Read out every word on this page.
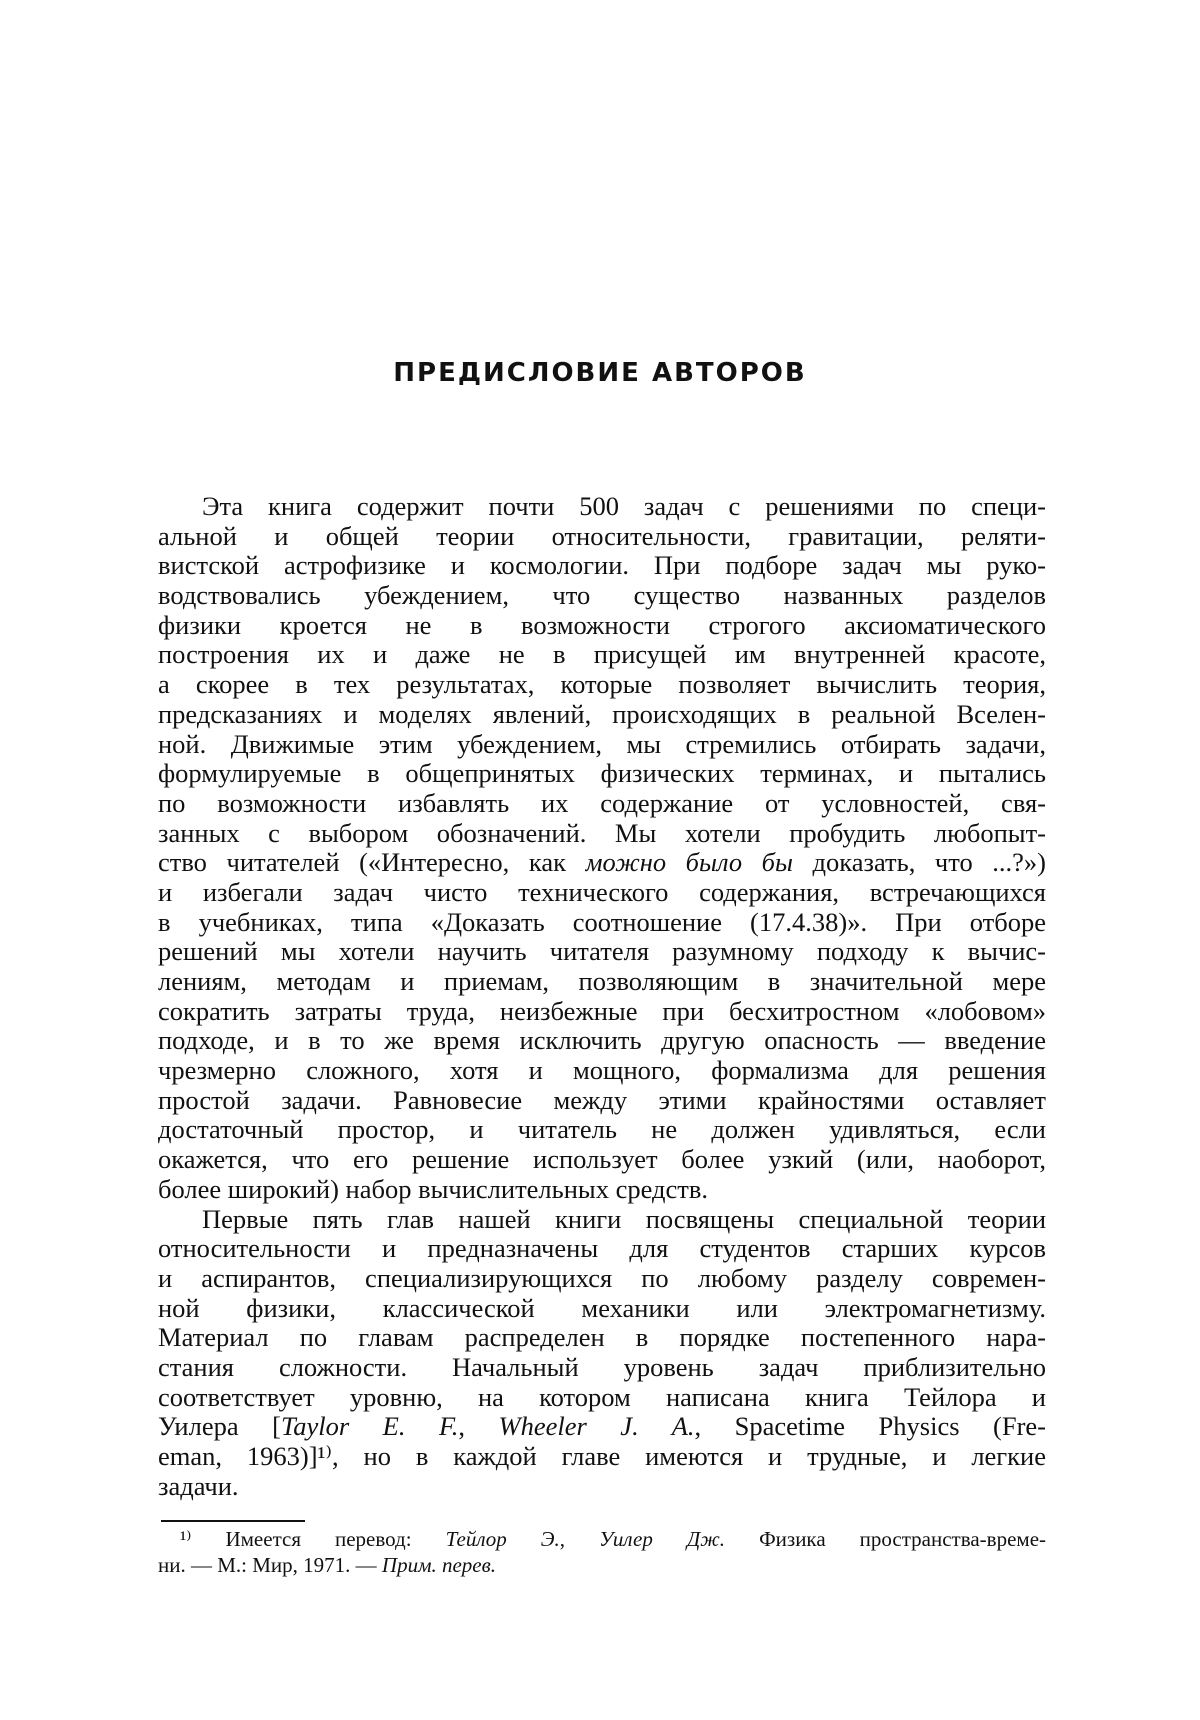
ПРЕДИСЛОВИЕ АВТОРОВ
Эта книга содержит почти 500 задач с решениями по специ-
альной и общей теории относительности, гравитации, реляти-
вистской астрофизике и космологии. При подборе задач мы руко-
водствовались убеждением, что существо названных разделов
физики кроется не в возможности строгого аксиоматического
построения их и даже не в присущей им внутренней красоте,
а скорее в тех результатах, которые позволяет вычислить теория,
предсказаниях и моделях явлений, происходящих в реальной Вселен-
ной. Движимые этим убеждением, мы стремились отбирать задачи,
формулируемые в общепринятых физических терминах, и пытались
по возможности избавлять их содержание от условностей, свя-
занных с выбором обозначений. Мы хотели пробудить любопыт-
ство читателей («Интересно, как можно было бы доказать, что ...?»)
и избегали задач чисто технического содержания, встречающихся
в учебниках, типа «Доказать соотношение (17.4.38)». При отборе
решений мы хотели научить читателя разумному подходу к вычис-
лениям, методам и приемам, позволяющим в значительной мере
сократить затраты труда, неизбежные при бесхитростном «лобовом»
подходе, и в то же время исключить другую опасность — введение
чрезмерно сложного, хотя и мощного, формализма для решения
простой задачи. Равновесие между этими крайностями оставляет
достаточный простор, и читатель не должен удивляться, если
окажется, что его решение использует более узкий (или, наоборот,
более широкий) набор вычислительных средств.
Первые пять глав нашей книги посвящены специальной теории
относительности и предназначены для студентов старших курсов
и аспирантов, специализирующихся по любому разделу современ-
ной физики, классической механики или электромагнетизму.
Материал по главам распределен в порядке постепенного нара-
стания сложности. Начальный уровень задач приблизительно
соответствует уровню, на котором написана книга Тейлора и
Уилера [Taylor E. F., Wheeler J. A., Spacetime Physics (Fre-
eman, 1963)]¹⁾, но в каждой главе имеются и трудные, и легкие
задачи.
¹⁾ Имеется перевод: Тейлор Э., Уилер Дж. Физика пространства-време-
ни. — М.: Мир, 1971. — Прим. перев.
